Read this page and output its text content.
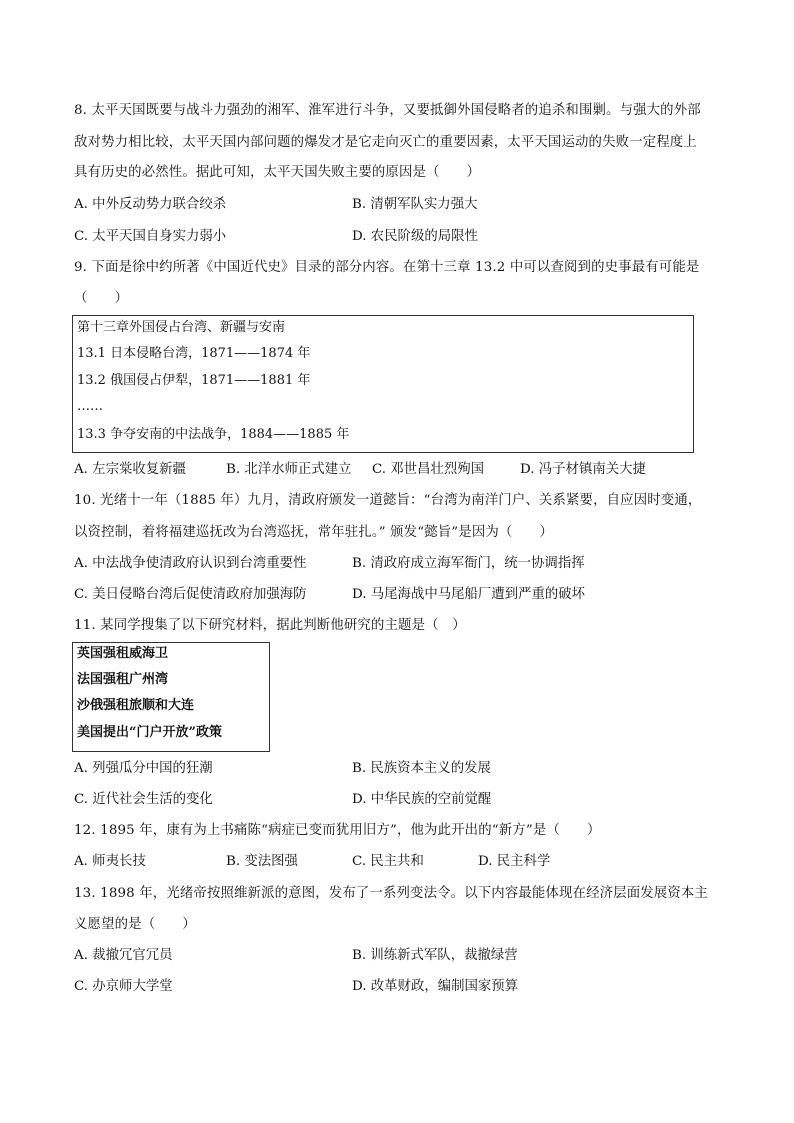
8. 太平天国既要与战斗力强劲的湘军、淮军进行斗争，又要抵御外国侵略者的追杀和围剿。与强大的外部
敌对势力相比较，太平天国内部问题的爆发才是它走向灭亡的重要因素，太平天国运动的失败一定程度上
具有历史的必然性。据此可知，太平天国失败主要的原因是（　　）
A. 中外反动势力联合绞杀	B. 清朝军队实力强大
C. 太平天国自身实力弱小	D. 农民阶级的局限性
9. 下面是徐中约所著《中国近代史》目录的部分内容。在第十三章 13.2 中可以查阅到的史事最有可能是
（　　）
第十三章外国侵占台湾、新疆与安南
13.1 日本侵略台湾，1871——1874 年
13.2 俄国侵占伊犁，1871——1881 年
……
13.3 争夺安南的中法战争，1884——1885 年
A. 左宗棠收复新疆	B. 北洋水师正式建立 C. 邓世昌壮烈殉国	D. 冯子材镇南关大捷
10. 光绪十一年（1885 年）九月，清政府颁发一道懿旨：“台湾为南洋门户、关系紧要，自应因时变通，
以资控制，着将福建巡抚改为台湾巡抚，常年驻扎。” 颁发“懿旨”是因为（　　）
A. 中法战争使清政府认识到台湾重要性	B. 清政府成立海军衙门，统一协调指挥
C. 美日侵略台湾后促使清政府加强海防	D. 马尾海战中马尾船厂遭到严重的破坏
11. 某同学搜集了以下研究材料，据此判断他研究的主题是（　）
英国强租威海卫
法国强租广州湾
沙俄强租旅顺和大连
美国提出“门户开放”政策
A. 列强瓜分中国的狂潮	B. 民族资本主义的发展
C. 近代社会生活的变化	D. 中华民族的空前觉醒
12. 1895 年，康有为上书痛陈“病症已变而犹用旧方”，他为此开出的“新方”是（　　）
A. 师夷长技	B. 变法图强	C. 民主共和	D. 民主科学
13. 1898 年，光绪帝按照维新派的意图，发布了一系列变法令。以下内容最能体现在经济层面发展资本主
义愿望的是（　　）
A. 裁撤冗官冗员	B. 训练新式军队，裁撤绿营
C. 办京师大学堂	D. 改革财政，编制国家预算
